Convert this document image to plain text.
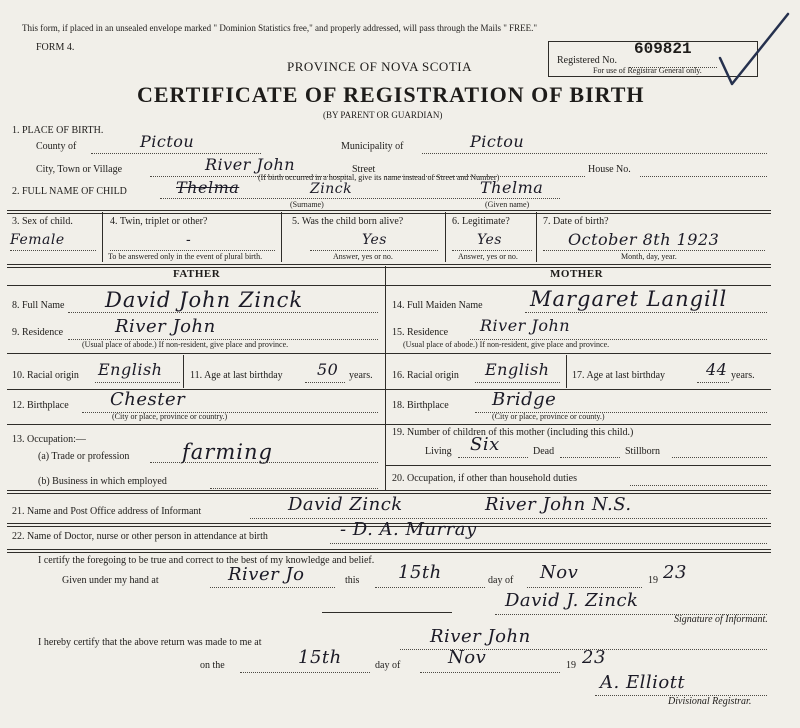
This form, if placed in an unsealed envelope marked " Dominion Statistics free," and properly addressed, will pass through the Mails " FREE."
FORM 4.
PROVINCE OF NOVA SCOTIA
CERTIFICATE OF REGISTRATION OF BIRTH
(BY PARENT OR GUARDIAN)
Registered No.
609821
For use of Registrar General only.
1. PLACE OF BIRTH.
County of	Pictou	Municipality of	Pictou
City, Town or Village	River John
(If birth occurred in a hospital, give its name instead of Street and Number)
Street	House No.
2. FULL NAME OF CHILD	Thelma	Zinck	Thelma
(Surname)	(Given name)
3. Sex of child.
Female
4. Twin, triplet or other?
-
To be answered only in the event of plural birth.
5. Was the child born alive?
Yes
Answer, yes or no.
6. Legitimate?
Yes
Answer, yes or no.
7. Date of birth?
October 8th 1923
Month, day, year.
FATHER	MOTHER
8. Full Name David John Zinck
9. Residence	River John
(Usual place of abode.) If non-resident, give place and province.
10. Racial origin English	11. Age at last birthday 50 years.
12. Birthplace Chester
(City or place, province or country.)
13. Occupation:—
(a) Trade or profession	farming
(b) Business in which employed
14. Full Maiden Name Margaret Langill
15. Residence River John
(Usual place of abode.) If non-resident, give place and province.
16. Racial origin English 17. Age at last birthday	44 years.
18. Birthplace Bridge
(City or place, province or county.)
19. Number of children of this mother (including this child.)
Living Six	Dead	Stillborn
20. Occupation, if other than household duties
21. Name and Post Office address of Informant	David Zinck	River John N.S.
22. Name of Doctor, nurse or other person in attendance at birth	- D. A. Murray
I certify the foregoing to be true and correct to the best of my knowledge and belief.
Given under my hand at	River Jo	this 15th	day of Nov	19 23
David J. Zinck
Signature of Informant.
I hereby certify that the above return was made to me at	River John
on the	15th	day of	Nov	19 23
A. Elliott
Divisional Registrar.
